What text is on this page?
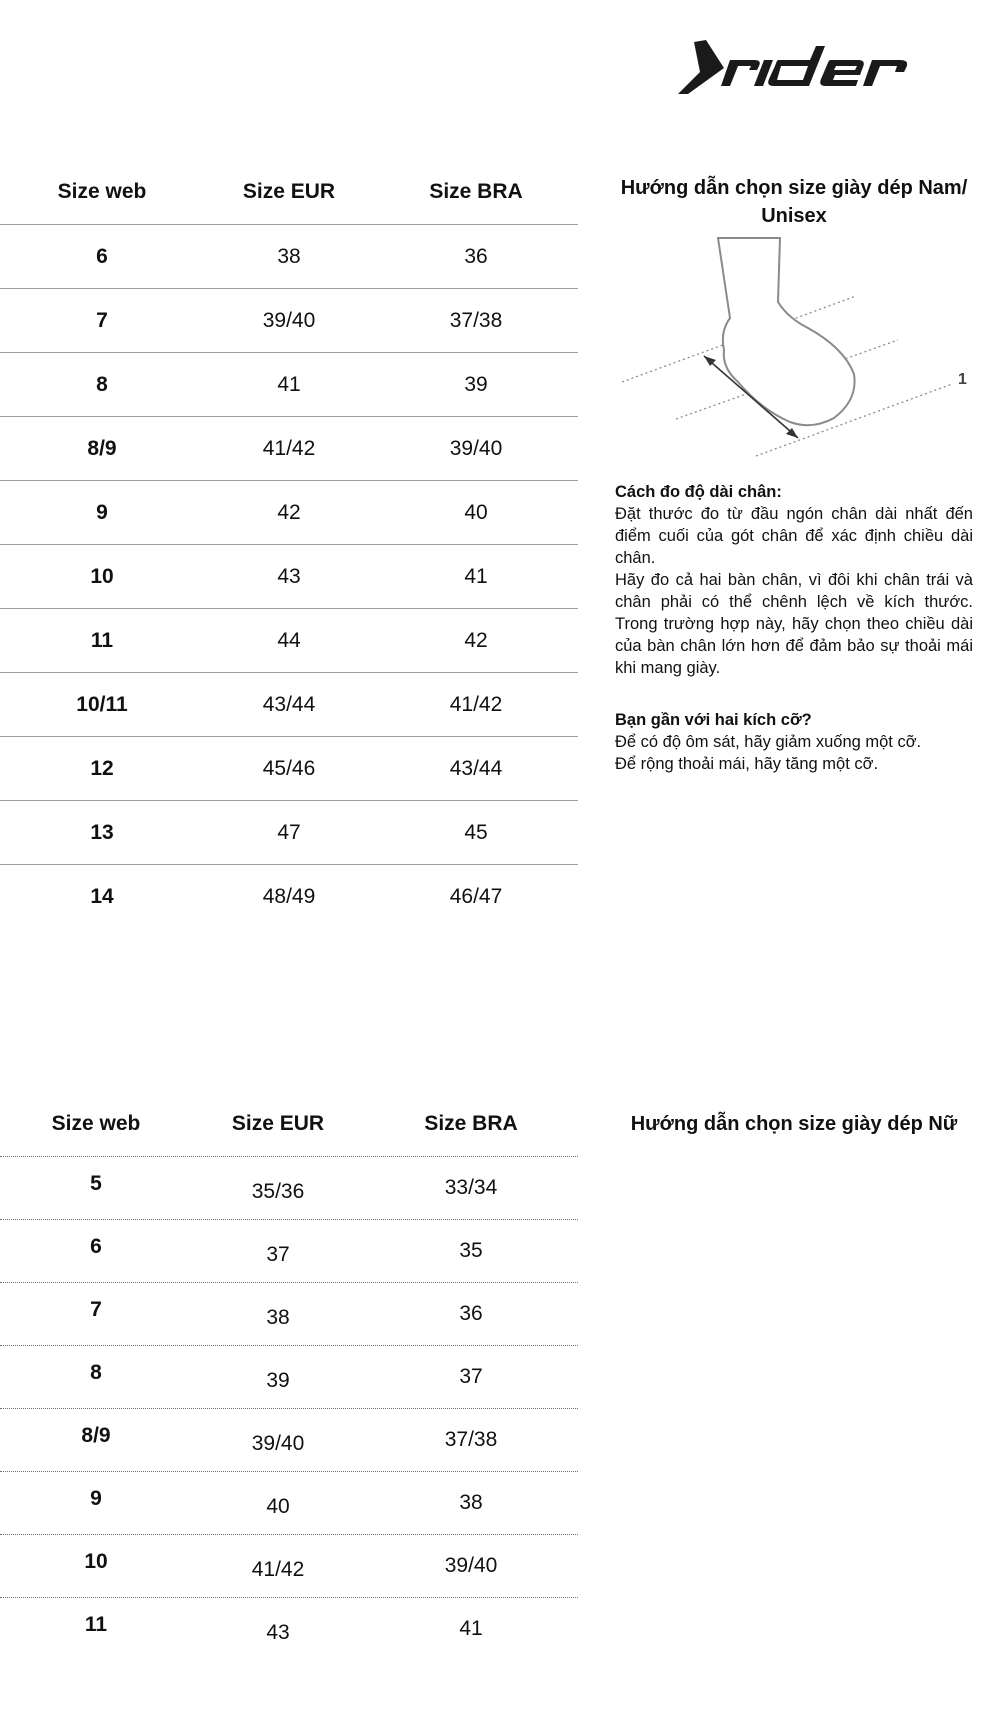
Size web	Size EUR	Size BRA
6	38	36
7	39/40	37/38
8	41	39
8/9	41/42	39/40
9	42	40
10	43	41
11	44	42
10/11	43/44	41/42
12	45/46	43/44
13	47	45
14	48/49	46/47
Hướng dẫn chọn size giày dép Nam/ Unisex
1

Cách đo độ dài chân:

Đặt thước đo từ đầu ngón chân dài nhất đến điểm cuối của gót chân để xác định chiều dài chân.

Hãy đo cả hai bàn chân, vì đôi khi chân trái và chân phải có thể chênh lệch về kích thước. Trong trường hợp này, hãy chọn theo chiều dài của bàn chân lớn hơn để đảm bảo sự thoải mái khi mang giày.

Bạn gần với hai kích cỡ?

Để có độ ôm sát, hãy giảm xuống một cỡ.

Để rộng thoải mái, hãy tăng một cỡ.

Size web	Size EUR	Size BRA
5	35/36	33/34
6	37	35
7	38	36
8	39	37
8/9	39/40	37/38
9	40	38
10	41/42	39/40
11	43	41
Hướng dẫn chọn size giày dép Nữ
